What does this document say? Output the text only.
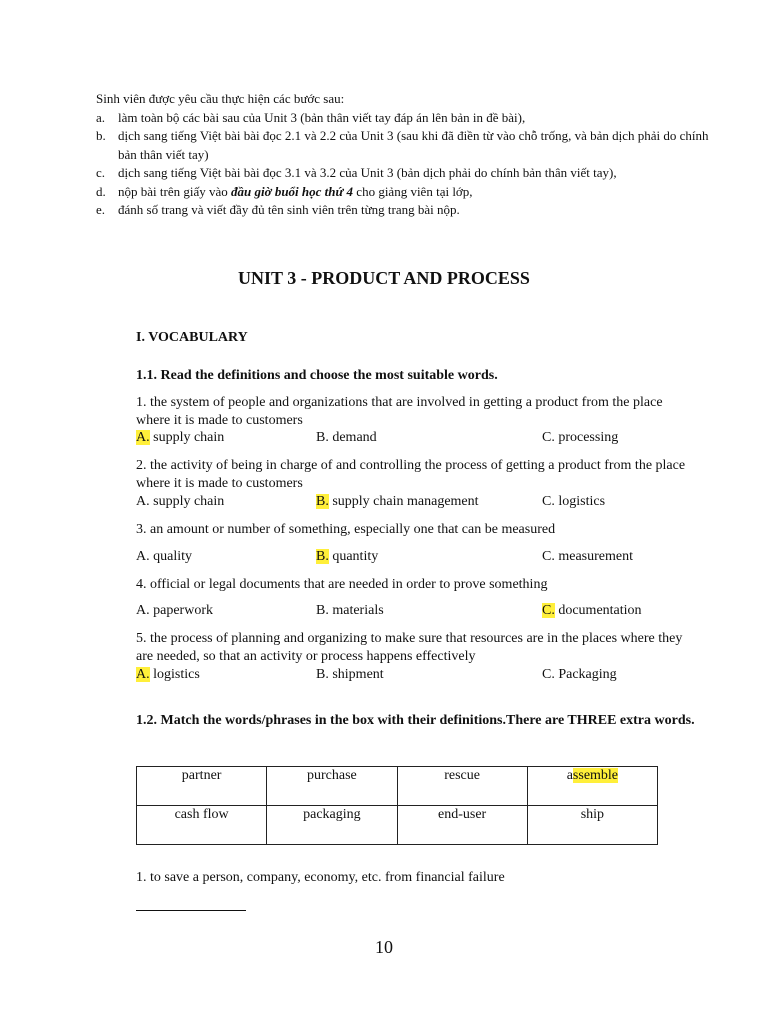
Sinh viên được yêu cầu thực hiện các bước sau:
a. làm toàn bộ các bài sau của Unit 3 (bản thân viết tay đáp án lên bản in đề bài),
b. dịch sang tiếng Việt bài bài đọc 2.1 và 2.2 của Unit 3 (sau khi đã điền từ vào chỗ trống, và bản dịch phải do chính bản thân viết tay)
c. dịch sang tiếng Việt bài bài đọc 3.1 và 3.2 của Unit 3 (bản dịch phải do chính bản thân viết tay),
d. nộp bài trên giấy vào đầu giờ buổi học thứ 4 cho giảng viên tại lớp,
e. đánh số trang và viết đầy đủ tên sinh viên trên từng trang bài nộp.
UNIT 3 - PRODUCT AND PROCESS
I. VOCABULARY
1.1. Read the definitions and choose the most suitable words.
1. the system of people and organizations that are involved in getting a product from the place where it is made to customers
A. supply chain	B. demand	C. processing
2. the activity of being in charge of and controlling the process of getting a product from the place where it is made to customers
A. supply chain	B. supply chain management	C. logistics
3. an amount or number of something, especially one that can be measured
A. quality	B. quantity	C. measurement
4. official or legal documents that are needed in order to prove something
A. paperwork	B. materials	C. documentation
5. the process of planning and organizing to make sure that resources are in the places where they are needed, so that an activity or process happens effectively
A. logistics	B. shipment	C. Packaging
1.2. Match the words/phrases in the box with their definitions.There are THREE extra words.
partner	purchase	rescue	assemble
cash flow	packaging	end-user	ship
1. to save a person, company, economy, etc. from financial failure
10
